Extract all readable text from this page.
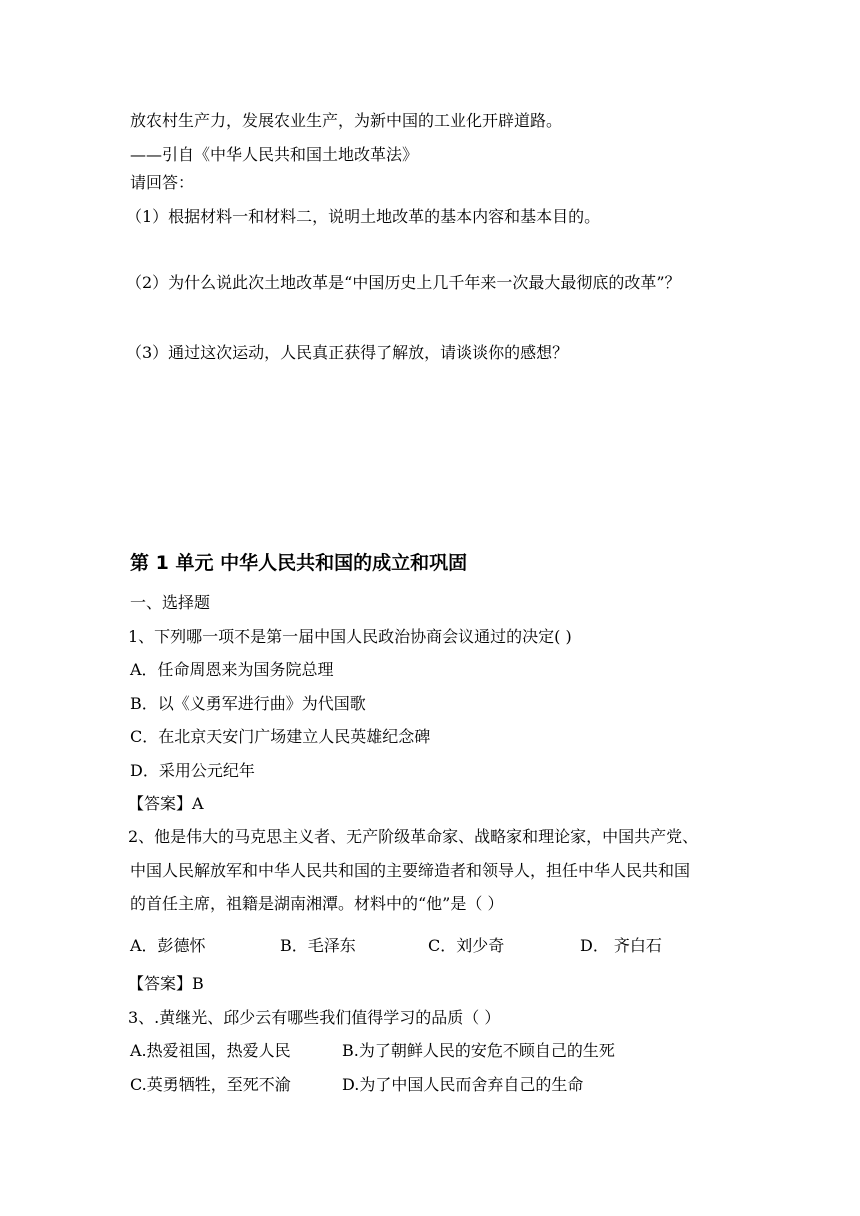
放农村生产力，发展农业生产，为新中国的工业化开辟道路。
——引自《中华人民共和国土地改革法》
请回答：
（1）根据材料一和材料二，说明土地改革的基本内容和基本目的。
（2）为什么说此次土地改革是“中国历史上几千年来一次最大最彻底的改革”？
（3）通过这次运动，人民真正获得了解放，请谈谈你的感想？
第 1 单元 中华人民共和国的成立和巩固
一、选择题
1、下列哪一项不是第一届中国人民政治协商会议通过的决定( )
A．任命周恩来为国务院总理
B．以《义勇军进行曲》为代国歌
C．在北京天安门广场建立人民英雄纪念碑
D．采用公元纪年
【答案】A
2、他是伟大的马克思主义者、无产阶级革命家、战略家和理论家，中国共产党、
中国人民解放军和中华人民共和国的主要缔造者和领导人，担任中华人民共和国
的首任主席，祖籍是湖南湘潭。材料中的“他”是（ ）
A．彭德怀	B．毛泽东	C．刘少奇	D． 齐白石
【答案】B
3、.黄继光、邱少云有哪些我们值得学习的品质（ ）
A.热爱祖国，热爱人民	B.为了朝鲜人民的安危不顾自己的生死
C.英勇牺牲，至死不渝	D.为了中国人民而舍弃自己的生命
